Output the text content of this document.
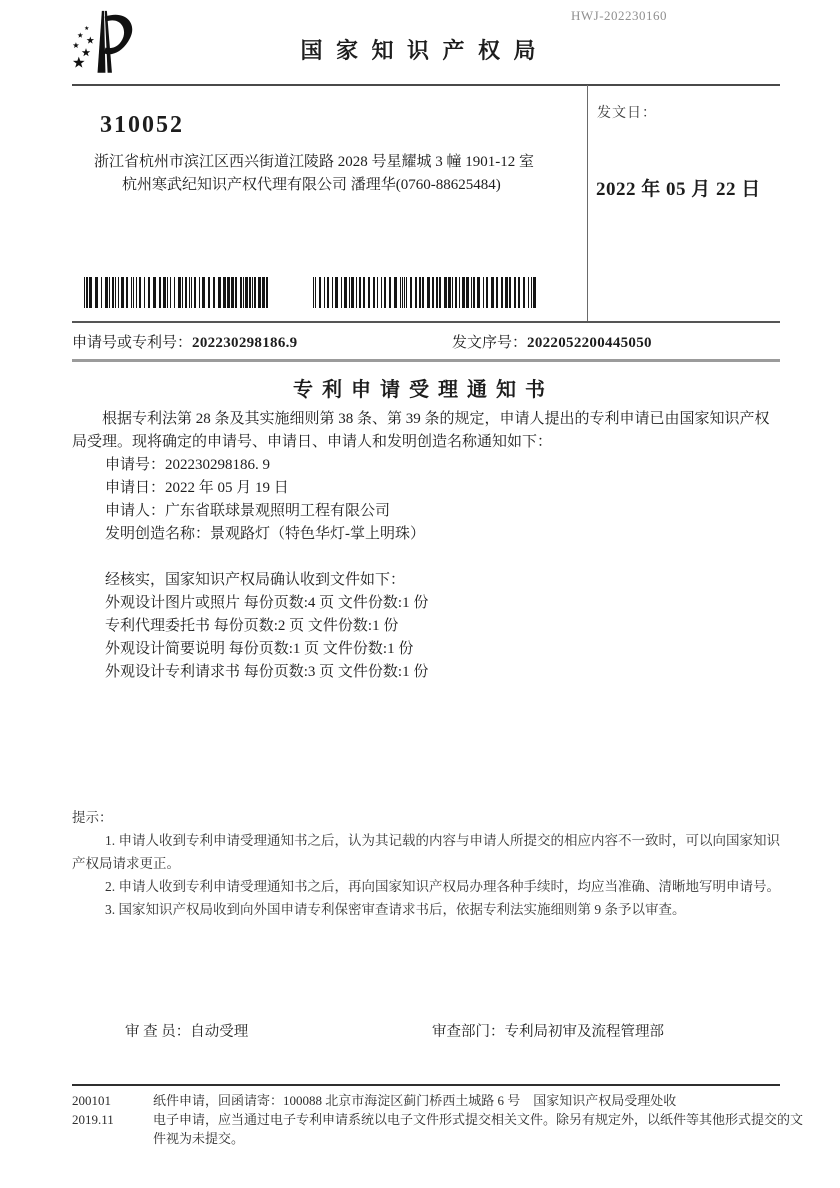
HWJ-202230160
国 家 知 识 产 权 局
310052
浙江省杭州市滨江区西兴街道江陵路 2028 号星耀城 3 幢 1901-12 室
杭州寒武纪知识产权代理有限公司 潘理华(0760-88625484)
发文日：
2022 年 05 月 22 日
申请号或专利号：202230298186.9	发文序号：2022052200445050
专 利 申 请 受 理 通 知 书

根据专利法第 28 条及其实施细则第 38 条、第 39 条的规定，申请人提出的专利申请已由国家知识产权局受理。现将确定的申请号、申请日、申请人和发明创造名称通知如下：

申请号：202230298186. 9
申请日：2022 年 05 月 19 日
申请人：广东省联球景观照明工程有限公司
发明创造名称：景观路灯（特色华灯-掌上明珠）
经核实，国家知识产权局确认收到文件如下：
外观设计图片或照片 每份页数:4 页 文件份数:1 份
专利代理委托书 每份页数:2 页 文件份数:1 份
外观设计简要说明 每份页数:1 页 文件份数:1 份
外观设计专利请求书 每份页数:3 页 文件份数:1 份

提示：

1. 申请人收到专利申请受理通知书之后，认为其记载的内容与申请人所提交的相应内容不一致时，可以向国家知识产权局请求更正。

2. 申请人收到专利申请受理通知书之后，再向国家知识产权局办理各种手续时，均应当准确、清晰地写明申请号。

3. 国家知识产权局收到向外国申请专利保密审查请求书后，依据专利法实施细则第 9 条予以审查。

审 查 员：自动受理	审查部门：专利局初审及流程管理部
200101	纸件申请，回函请寄：100088 北京市海淀区蓟门桥西土城路 6 号　国家知识产权局受理处收
2019.11	电子申请，应当通过电子专利申请系统以电子文件形式提交相关文件。除另有规定外，以纸件等其他形式提交的文件视为未提交。
